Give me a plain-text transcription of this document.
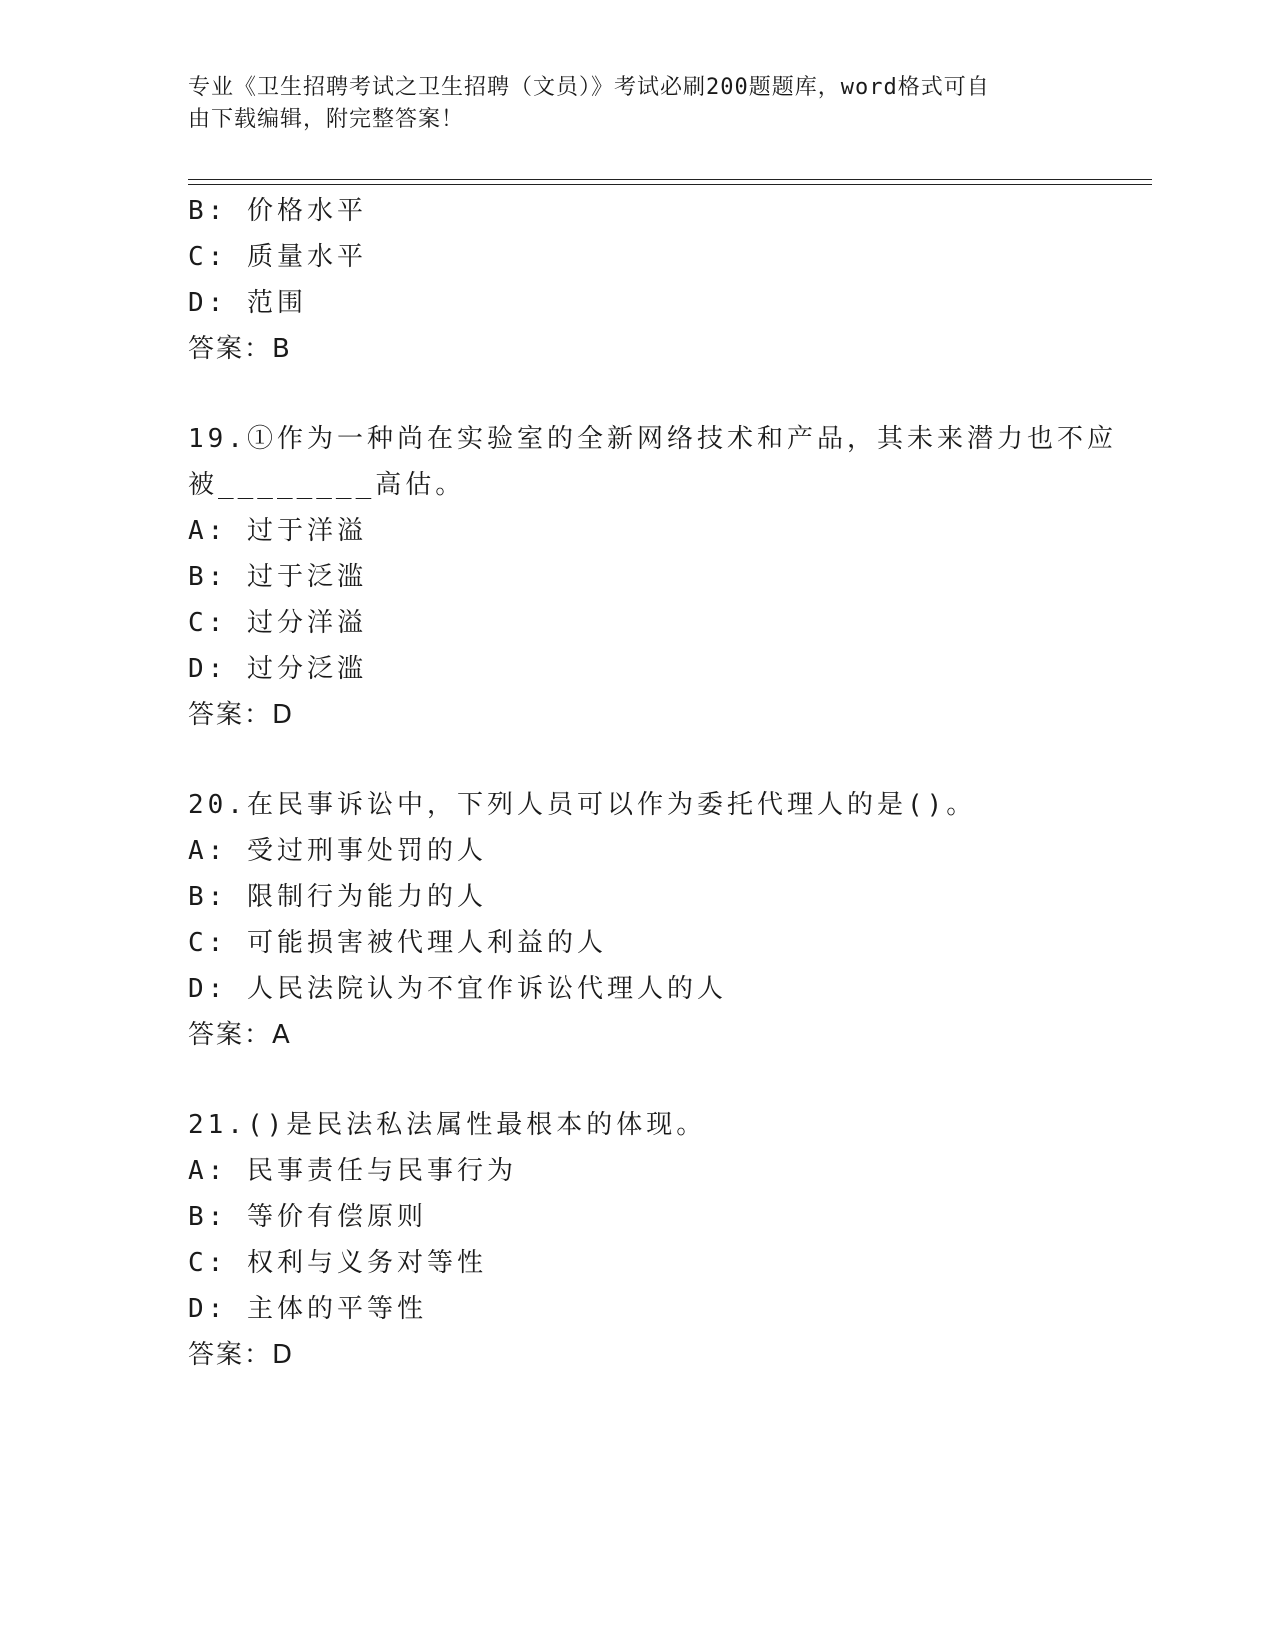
专业《卫生招聘考试之卫生招聘（文员）》考试必刷200题题库，word格式可自
由下载编辑，附完整答案！
B: 价格水平
C: 质量水平
D: 范围
答案：B
19.①作为一种尚在实验室的全新网络技术和产品，其未来潜力也不应
被________高估。
A: 过于洋溢
B: 过于泛滥
C: 过分洋溢
D: 过分泛滥
答案：D
20.在民事诉讼中，下列人员可以作为委托代理人的是()。
A: 受过刑事处罚的人
B: 限制行为能力的人
C: 可能损害被代理人利益的人
D: 人民法院认为不宜作诉讼代理人的人
答案：A
21.()是民法私法属性最根本的体现。
A: 民事责任与民事行为
B: 等价有偿原则
C: 权利与义务对等性
D: 主体的平等性
答案：D
